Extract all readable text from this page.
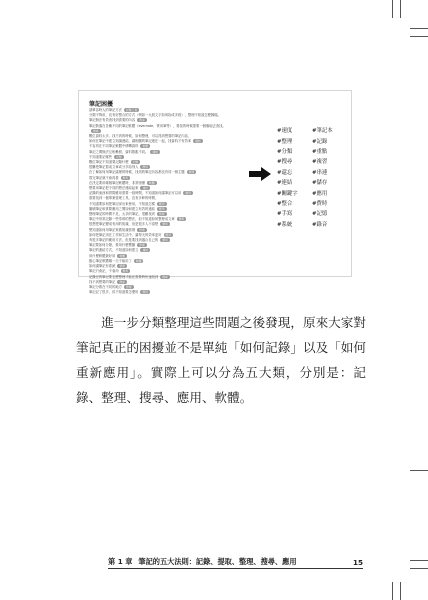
筆記困擾
請單容時人的筆記方法 記錄工具
分類不夠用，沒有好整合的方式（例如一大段文字如何拆成多段），整理不知道怎麼歸檔。
筆記無法有效查找到需要的內容 搜尋
筆記散落在各種不同的筆記軟體（evernote、實用筆等），要找的時候需要一個個地去查找。
搜尋
數位資料太多，找不到的時候，如何整理，可以得到想要的筆記內容，
如何在筆記中建立知識連結，讓相關的筆記連在一起，找資料才有效率 連結
不容易在不同筆記軟體中移轉資料 軟體
筆記之間無法互相參照，資料散亂不同。 連結
不知道要記哪些 記錄
數位筆記不知道要記錄什麼 記錄
很難把筆記寫成文章或分享給別人 應用
在了解如何用筆記處理的時候，找到的筆記內容都沒有同一個主題 整理
寫完筆記就不會再看 應用
在決定要用哪個筆記軟體時，非常困擾 軟體
想要用筆記把不同的想法連結起來 連結
記錄的東西和實際應用需要一段時間，不知道如何讓筆記可以用 應用
需要找到一個專案管理工具，沒有多餘的時間，
不知道要如何把筆記拿出來使用，不知道怎樣 應用
累積筆記和實際應用之間如何建立有效的連結 應用
整理筆記的時間不足，太多的筆記，很難找到 整理
筆記中常常記錄一些零碎的想法，但不知道如何整理成文章 應用
很想把筆記變成有用的知識，但是很多人不清楚 應用
想知道如何用筆記來做知識管理 整理
如何把筆記用在工作和生活中，讓每天的效率更好 應用
有很多筆記的應用方法，但是要找到適合自己的 應用
筆記要如何分類，要用什麼標籤 整理
筆記的連結方式，不知道如何建立 連結
用什麼軟體最好用 軟體
擔心筆記軟體哪一天不能用了 軟體
如何讓筆記有系統 整理
筆記只會記，不會用 應用
記錄完的筆記要怎麼整理才能在需要時快速找到 搜尋
找不到想要的筆記 搜尋
筆記分散在不同的地方 整理
筆記記了很多，但不知道要怎麼用 應用
#速度	#筆記本
#整理	#記錄
#分類	#重點
#搜尋	#複習
#還忘	#串連
#連結	#儲存
#關鍵字	#應用
#整合	#費時
#手寫	#記憶
#系統	#錄音

進一步分類整理這些問題之後發現，原來大家對筆記真正的困擾並不是單純「如何記錄」以及「如何重新應用」。實際上可以分為五大類，分別是：記錄、整理、搜尋、應用、軟體。

第 1 章 筆記的五大法則：記錄、提取、整理、搜尋、應用	15
